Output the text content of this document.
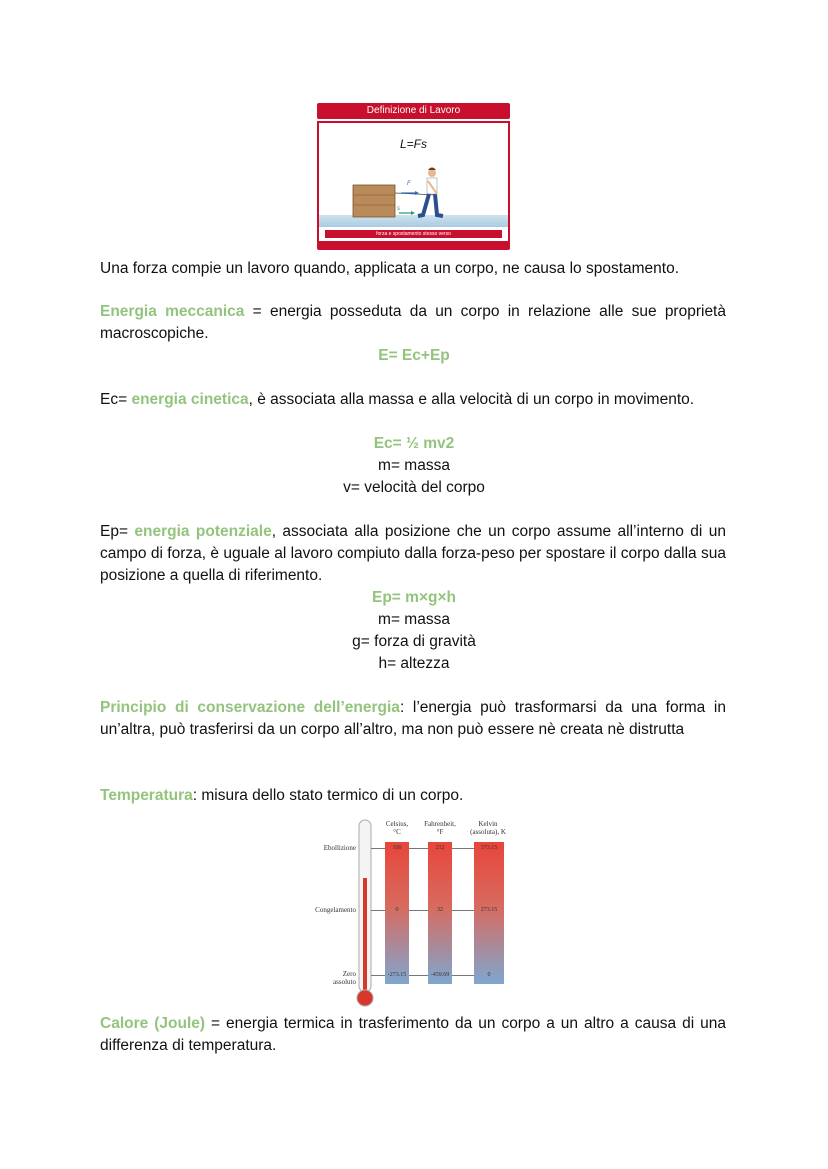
Definizione di Lavoro
L=Fs
F
s
forza e spostamento stesso verso

Una forza compie un lavoro quando, applicata a un corpo, ne causa lo spostamento.

Energia meccanica = energia posseduta da un corpo in relazione alle sue proprietà macroscopiche.

E= Ec+Ep

Ec= energia cinetica, è associata alla massa e alla velocità di un corpo in movimento.

Ec= ½ mv2

m= massa

v= velocità del corpo

Ep= energia potenziale, associata alla posizione che un corpo assume all’interno di un campo di forza, è uguale al lavoro compiuto dalla forza-peso per spostare il corpo dalla sua posizione a quella di riferimento.

Ep= m×g×h

m= massa

g= forza di gravità

h= altezza

Principio di conservazione dell’energia: l’energia può trasformarsi da una forma in un’altra, può trasferirsi da un corpo all’altro, ma non può essere nè creata nè distrutta

Temperatura: misura dello stato termico di un corpo.

Ebollizione
Congelamento
Zero
assoluto
Celsius,
°C
Fahrenheit,
°F
Kelvin
(assoluta), K
100
0
-273.15
212
32
-459.69
373.15
273.15
0

Calore (Joule) = energia termica in trasferimento da un corpo a un altro a causa di una differenza di temperatura.
